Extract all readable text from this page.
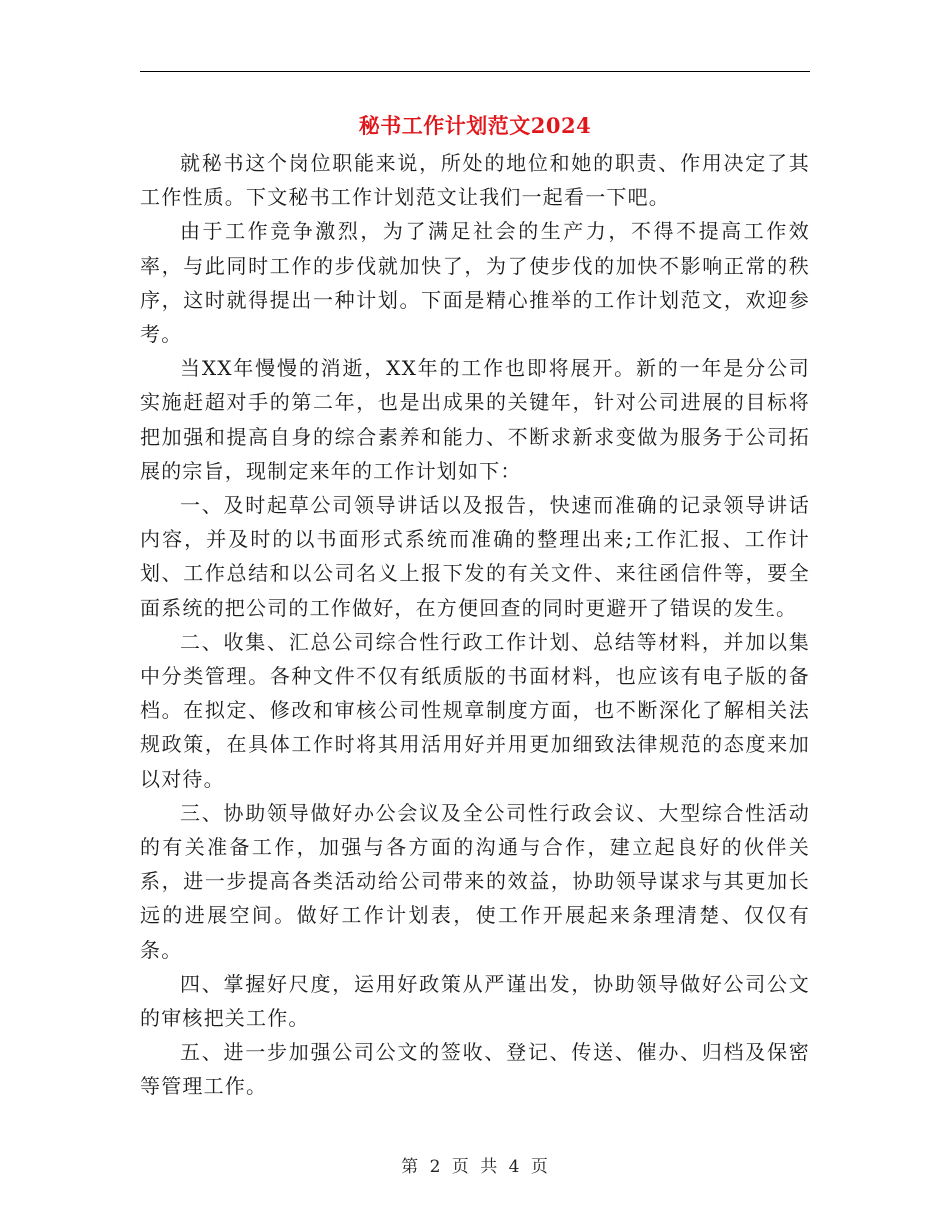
秘书工作计划范文2024

就秘书这个岗位职能来说，所处的地位和她的职责、作用决定了其工作性质。下文秘书工作计划范文让我们一起看一下吧。

由于工作竞争激烈，为了满足社会的生产力，不得不提高工作效率，与此同时工作的步伐就加快了，为了使步伐的加快不影响正常的秩 序，这时就得提出一种计划。下面是精心推举的工作计划范文，欢迎参考。

当XX年慢慢的消逝，XX年的工作也即将展开。新的一年是分公司实施赶超对手的第二年，也是出成果的关键年，针对公司进展的目标将把加强和提高自身的综合素养和能力、不断求新求变做为服务于公司拓展的宗旨，现制定来年的工作计划如下：

一、及时起草公司领导讲话以及报告，快速而准确的记录领导讲话内容，并及时的以书面形式系统而准确的整理出来;工作汇报、工作计划、工作总结和以公司名义上报下发的有关文件、来往函信件等，要全面系统的把公司的工作做好，在方便回查的同时更避开了错误的发生。

二、收集、汇总公司综合性行政工作计划、总结等材料，并加以集中分类管理。各种文件不仅有纸质版的书面材料，也应该有电子版的备档。在拟定、修改和审核公司性规章制度方面，也不断深化了解相关法规政策，在具体工作时将其用活用好并用更加细致法律规范的态度来加以对待。

三、协助领导做好办公会议及全公司性行政会议、大型综合性活动的有关准备工作，加强与各方面的沟通与合作，建立起良好的伙伴关系，进一步提高各类活动给公司带来的效益，协助领导谋求与其更加长远的进展空间。做好工作计划表，使工作开展起来条理清楚、仅仅有条。

四、掌握好尺度，运用好政策从严谨出发，协助领导做好公司公文的审核把关工作。

五、进一步加强公司公文的签收、登记、传送、催办、归档及保密等管理工作。

第 2 页 共 4 页
